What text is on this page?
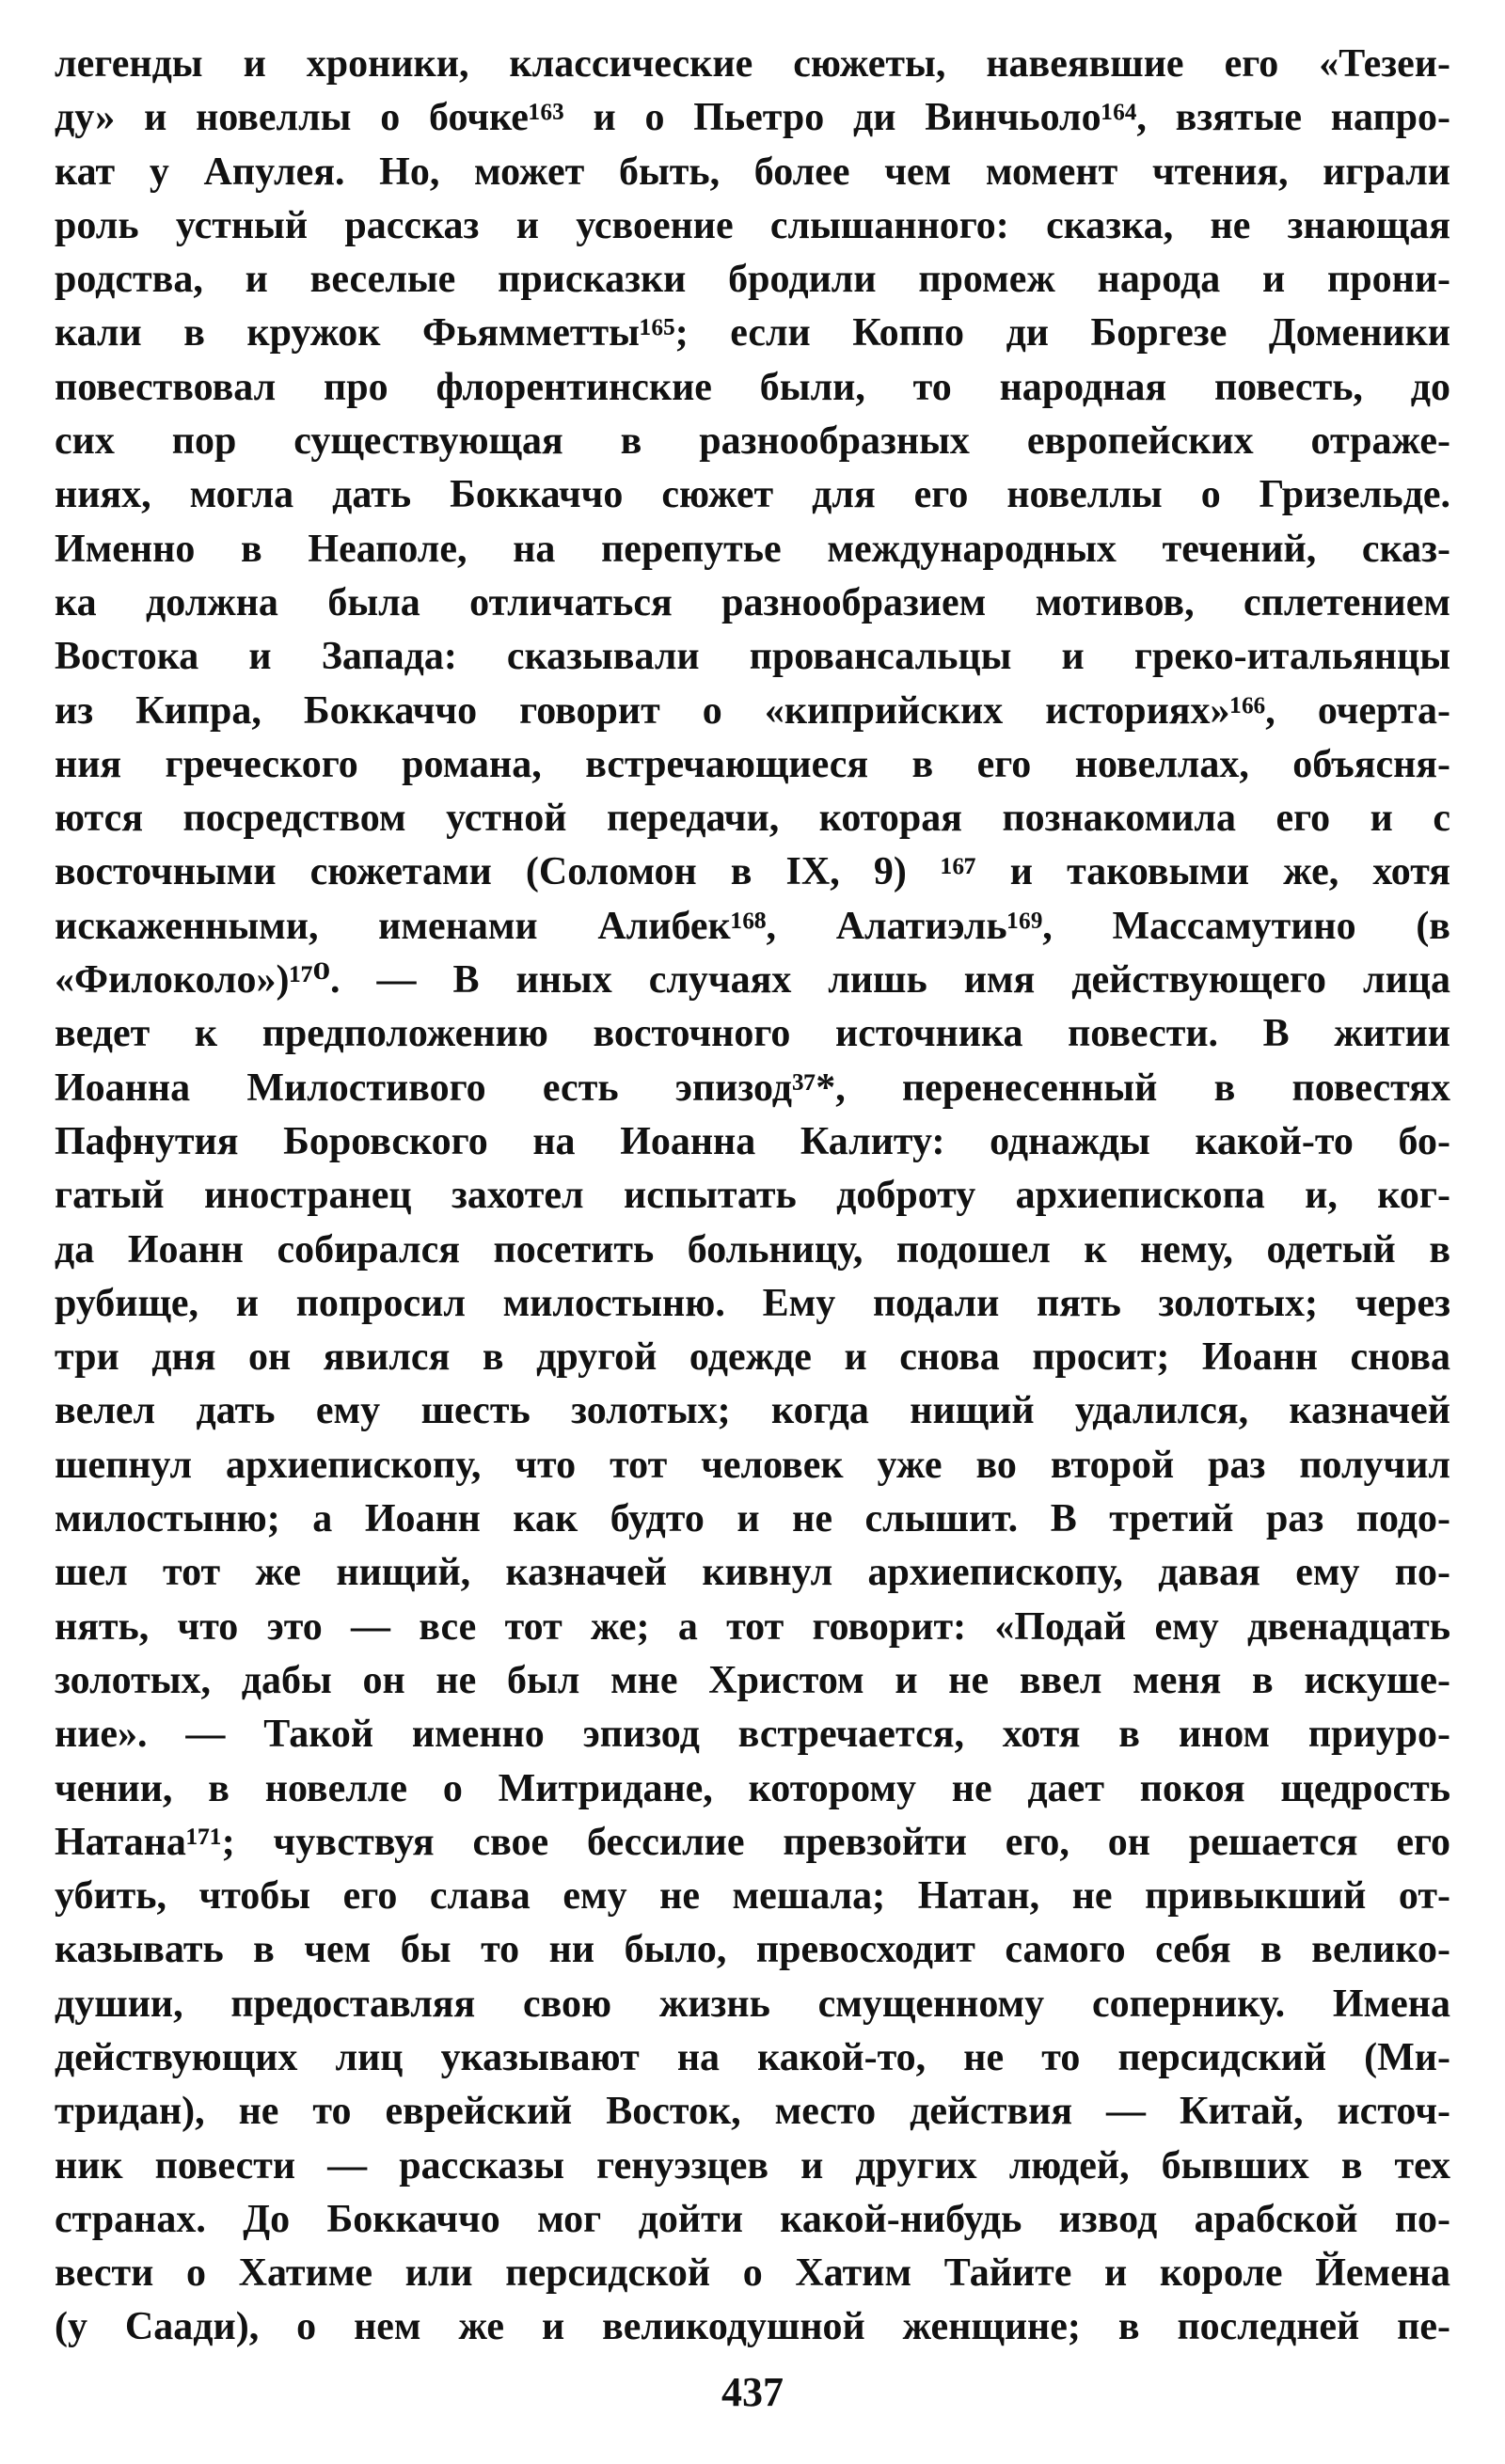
легенды и хроники, классические сюжеты, навеявшие его «Тезеи-
ду» и новеллы о бочке¹⁶³ и о Пьетро ди Винчьоло¹⁶⁴, взятые напро-
кат у Апулея. Но, может быть, более чем момент чтения, играли
роль устный рассказ и усвоение слышанного: сказка, не знающая
родства, и веселые присказки бродили промеж народа и прони-
кали в кружок Фьямметты¹⁶⁵; если Коппо ди Боргезе Доменики
повествовал про флорентинские были, то народная повесть, до
сих пор существующая в разнообразных европейских отраже-
ниях, могла дать Боккаччо сюжет для его новеллы о Гризельде.
Именно в Неаполе, на перепутье международных течений, сказ-
ка должна была отличаться разнообразием мотивов, сплетением
Востока и Запада: сказывали провансальцы и греко-итальянцы
из Кипра, Боккаччо говорит о «киприйских историях»¹⁶⁶, очерта-
ния греческого романа, встречающиеся в его новеллах, объясня-
ются посредством устной передачи, которая познакомила его и с
восточными сюжетами (Соломон в IX, 9) ¹⁶⁷ и таковыми же, хотя
искаженными, именами Алибек¹⁶⁸, Алатиэль¹⁶⁹, Массамутино (в
«Филоколо»)¹⁷⁰. — В иных случаях лишь имя действующего лица
ведет к предположению восточного источника повести. В житии
Иоанна Милостивого есть эпизод³⁷*, перенесенный в повестях
Пафнутия Боровского на Иоанна Калиту: однажды какой-то бо-
гатый иностранец захотел испытать доброту архиепископа и, ког-
да Иоанн собирался посетить больницу, подошел к нему, одетый в
рубище, и попросил милостыню. Ему подали пять золотых; через
три дня он явился в другой одежде и снова просит; Иоанн снова
велел дать ему шесть золотых; когда нищий удалился, казначей
шепнул архиепископу, что тот человек уже во второй раз получил
милостыню; а Иоанн как будто и не слышит. В третий раз подо-
шел тот же нищий, казначей кивнул архиепископу, давая ему по-
нять, что это — все тот же; а тот говорит: «Подай ему двенадцать
золотых, дабы он не был мне Христом и не ввел меня в искуше-
ние». — Такой именно эпизод встречается, хотя в ином приуро-
чении, в новелле о Митридане, которому не дает покоя щедрость
Натана¹⁷¹; чувствуя свое бессилие превзойти его, он решается его
убить, чтобы его слава ему не мешала; Натан, не привыкший от-
казывать в чем бы то ни было, превосходит самого себя в велико-
душии, предоставляя свою жизнь смущенному сопернику. Имена
действующих лиц указывают на какой-то, не то персидский (Ми-
тридан), не то еврейский Восток, место действия — Китай, источ-
ник повести — рассказы генуэзцев и других людей, бывших в тех
странах. До Боккаччо мог дойти какой-нибудь извод арабской по-
вести о Хатиме или персидской о Хатим Тайите и короле Йемена
(у Саади), о нем же и великодушной женщине; в последней пе-
437
